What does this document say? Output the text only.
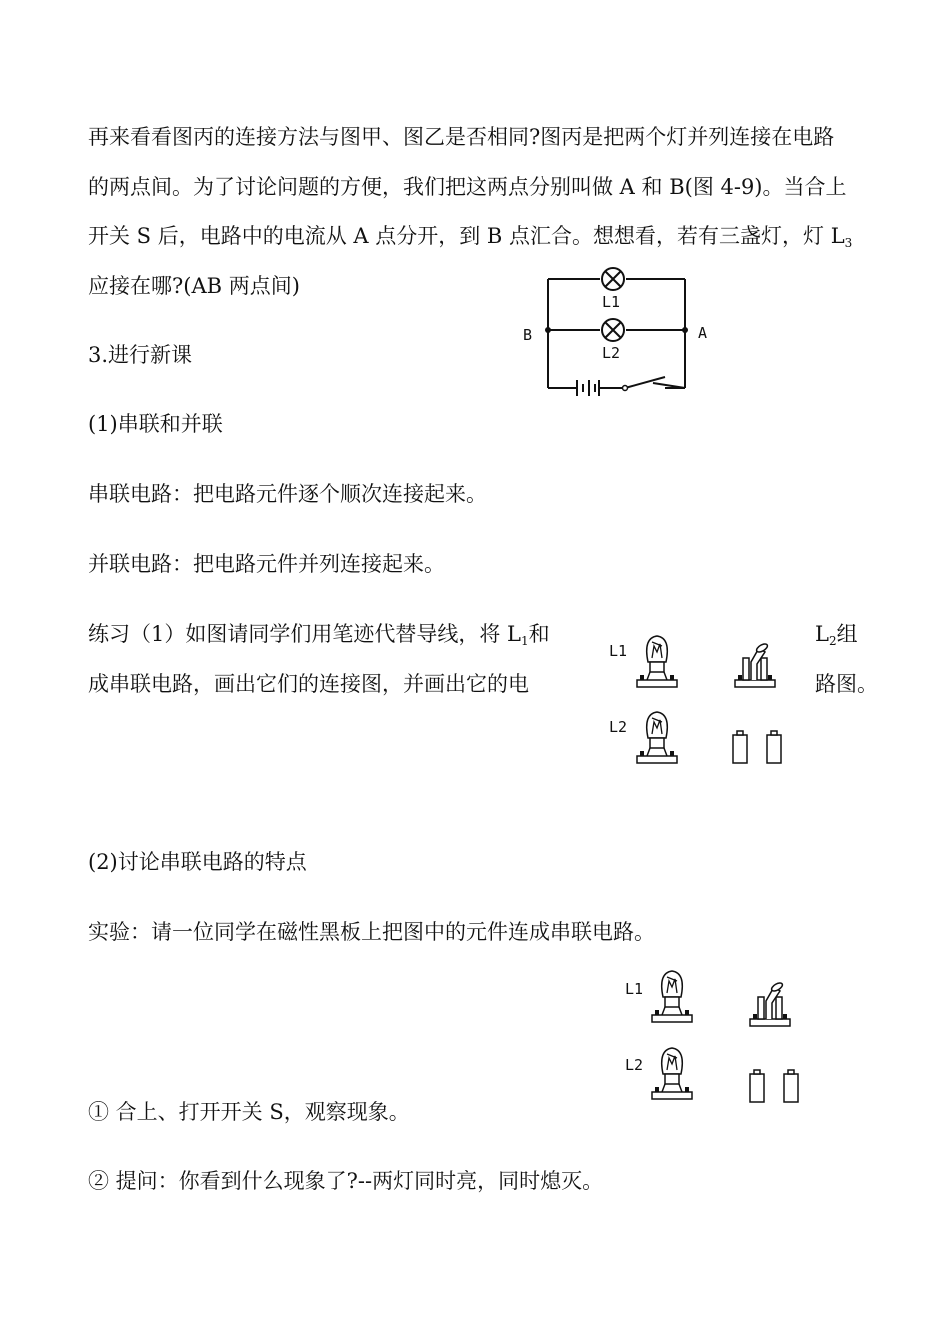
再来看看图丙的连接方法与图甲、图乙是否相同?图丙是把两个灯并列连接在电路
的两点间。为了讨论问题的方便，我们把这两点分别叫做 A 和 B(图 4-9)。当合上
开关 S 后，电路中的电流从 A 点分开，到 B 点汇合。想想看，若有三盏灯，灯 L3
应接在哪?(AB 两点间)
L1
L2
B	A
3.进行新课
(1)串联和并联
串联电路：把电路元件逐个顺次连接起来。
并联电路：把电路元件并列连接起来。
练习（1）如图请同学们用笔迹代替导线，将 L1和	L2组
成串联电路，画出它们的连接图，并画出它的电	路图。
L1
L2
(2)讨论串联电路的特点
实验：请一位同学在磁性黑板上把图中的元件连成串联电路。
L1
L2
① 合上、打开开关 S，观察现象。
② 提问：你看到什么现象了?--两灯同时亮，同时熄灭。
